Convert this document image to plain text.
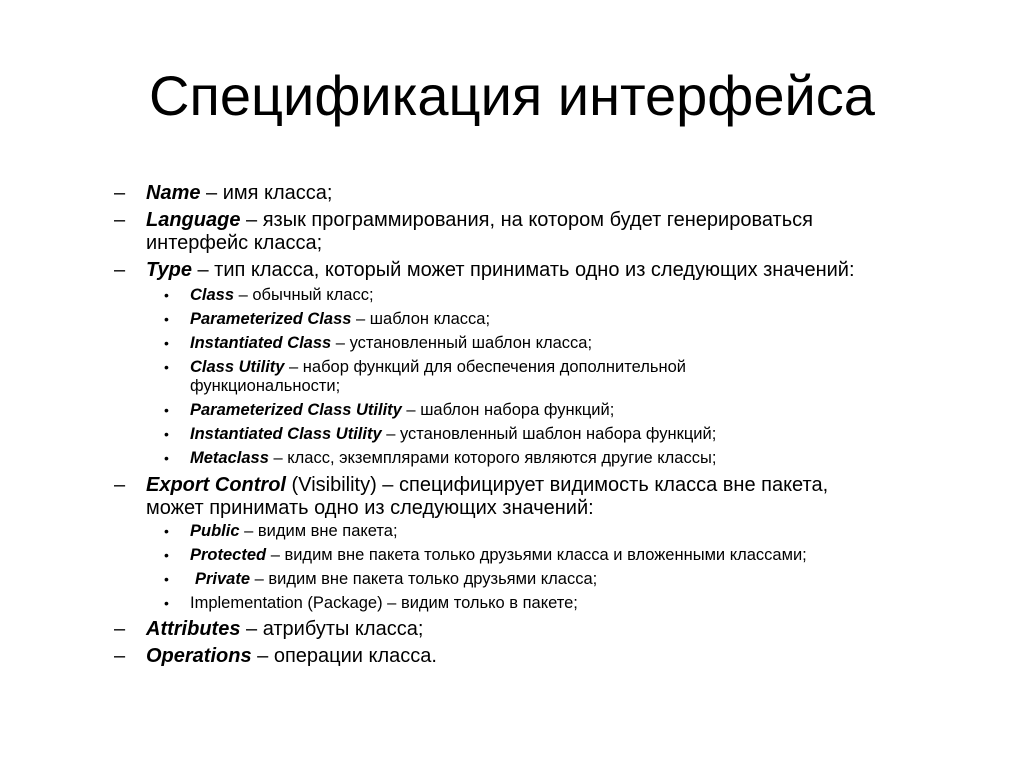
Спецификация интерфейса
– Name – имя класса;
– Language – язык программирования, на котором будет генерироваться
интерфейс класса;
– Type – тип класса, который может принимать одно из следующих значений:
• Class – обычный класс;
• Parameterized Class – шаблон класса;
• Instantiated Class – установленный шаблон класса;
• Class Utility – набор функций для обеспечения дополнительной
функциональности;
• Parameterized Class Utility – шаблон набора функций;
• Instantiated Class Utility – установленный шаблон набора функций;
• Metaclass – класс, экземплярами которого являются другие классы;
– Export Control (Visibility) – специфицирует видимость класса вне пакета,
может принимать одно из следующих значений:
• Public – видим вне пакета;
• Protected – видим вне пакета только друзьями класса и вложенными классами;
• Private – видим вне пакета только друзьями класса;
• Implementation (Package) – видим только в пакете;
– Attributes – атрибуты класса;
– Operations – операции класса.
